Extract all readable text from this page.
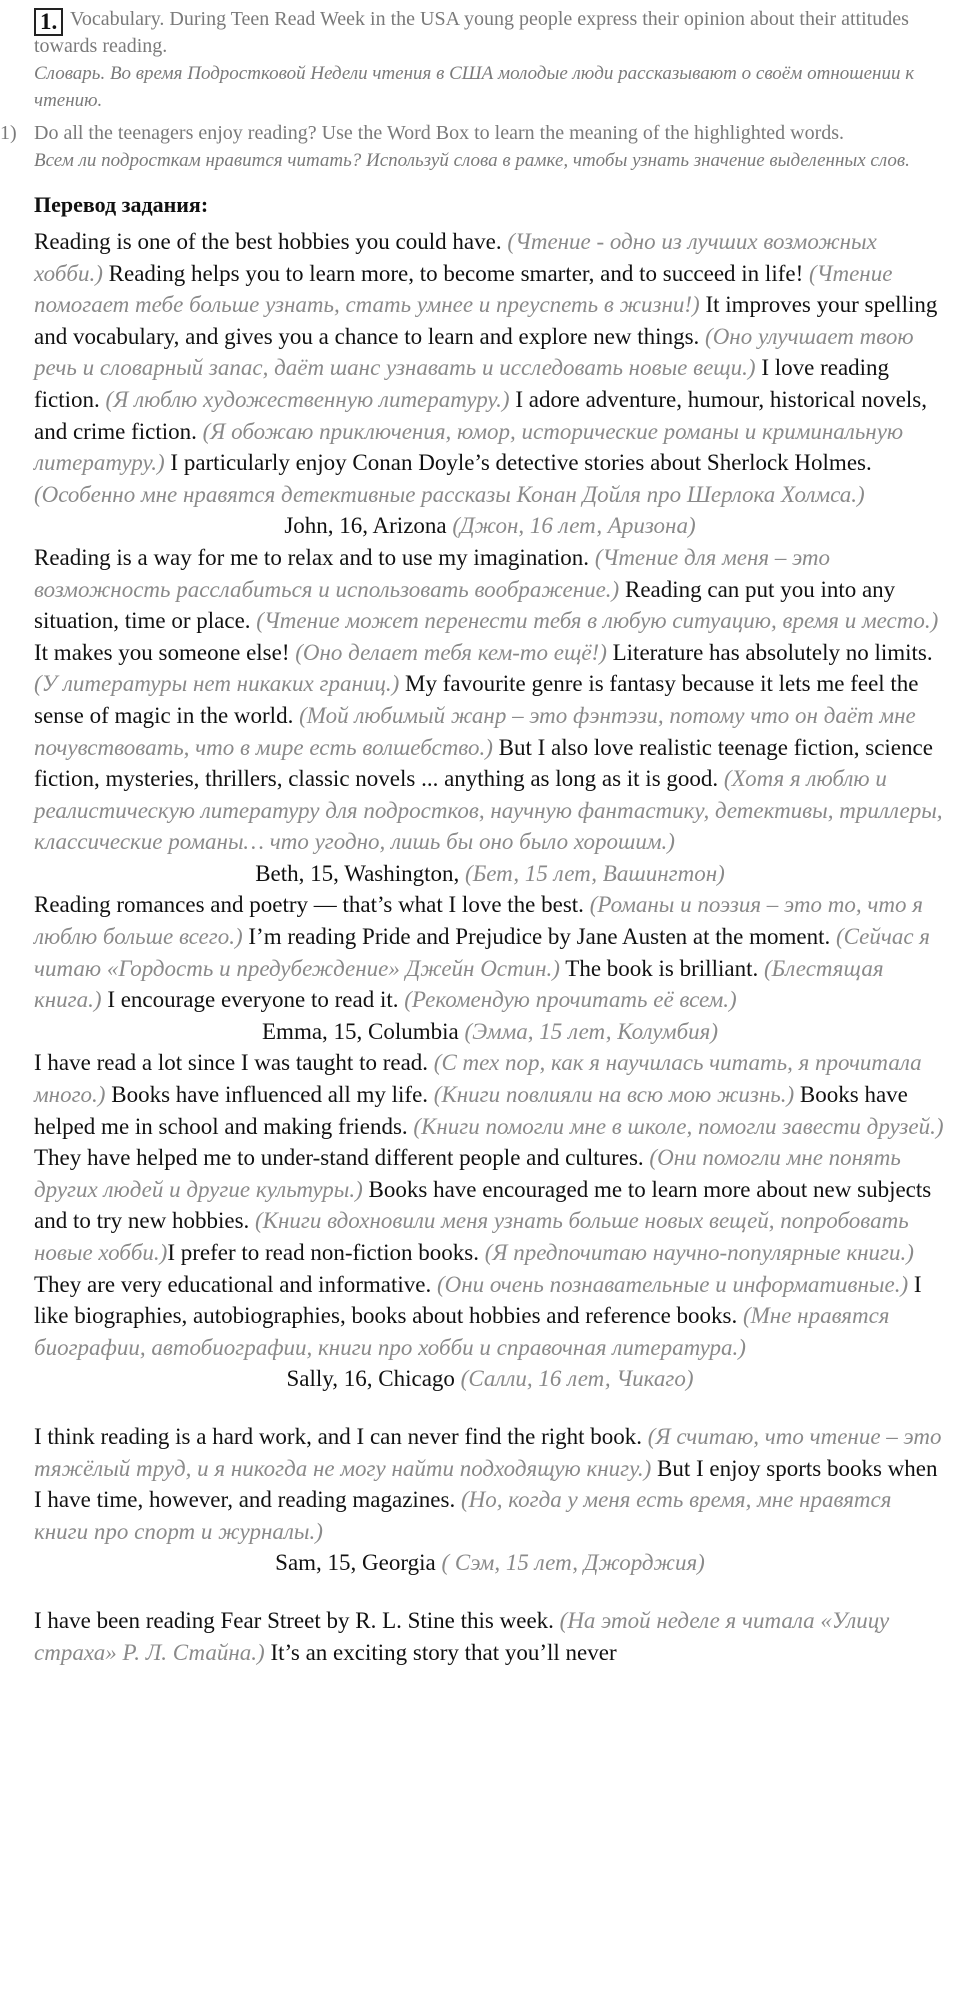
1. Vocabulary. During Teen Read Week in the USA young people express their opinion about their attitudes towards reading.
Словарь. Во время Подростковой Недели чтения в США молодые люди рассказывают о своём отношении к чтению.
1) Do all the teenagers enjoy reading? Use the Word Box to learn the meaning of the highlighted words.
Всем ли подросткам нравится читать? Используй слова в рамке, чтобы узнать значение выделенных слов.
Перевод задания:

Reading is one of the best hobbies you could have. (Чтение - одно из лучших возможных хобби.) Reading helps you to learn more, to become smarter, and to succeed in life! (Чтение помогает тебе больше узнать, стать умнее и преуспеть в жизни!) It improves your spelling and vocabulary, and gives you a chance to learn and explore new things. (Оно улучшает твою речь и словарный запас, даёт шанс узнавать и исследовать новые вещи.) I love reading fiction. (Я люблю художественную литературу.) I adore adventure, humour, historical novels, and crime fiction. (Я обожаю приключения, юмор, исторические романы и криминальную литературу.) I particularly enjoy Conan Doyle’s detective stories about Sherlock Holmes. (Особенно мне нравятся детективные рассказы Конан Дойля про Шерлока Холмса.)

John, 16, Arizona (Джон, 16 лет, Аризона)

Reading is a way for me to relax and to use my imagination. (Чтение для меня – это возможность расслабиться и использовать воображение.) Reading can put you into any situation, time or place. (Чтение может перенести тебя в любую ситуацию, время и место.) It makes you someone else! (Оно делает тебя кем-то ещё!) Literature has absolutely no limits. (У литературы нет никаких границ.) My favourite genre is fantasy because it lets me feel the sense of magic in the world. (Мой любимый жанр – это фэнтэзи, потому что он даёт мне почувствовать, что в мире есть волшебство.) But I also love realistic teenage fiction, science fiction, mysteries, thrillers, classic novels ... anything as long as it is good. (Хотя я люблю и реалистическую литературу для подростков, научную фантастику, детективы, триллеры, классические романы… что угодно, лишь бы оно было хорошим.)

Beth, 15, Washington, (Бет, 15 лет, Вашингтон)

Reading romances and poetry — that’s what I love the best. (Романы и поэзия – это то, что я люблю больше всего.) I’m reading Pride and Prejudice by Jane Austen at the moment. (Сейчас я читаю «Гордость и предубеждение» Джейн Остин.) The book is brilliant. (Блестящая книга.) I encourage everyone to read it. (Рекомендую прочитать её всем.)

Emma, 15, Columbia (Эмма, 15 лет, Колумбия)

I have read a lot since I was taught to read. (С тех пор, как я научилась читать, я прочитала много.) Books have influenced all my life. (Книги повлияли на всю мою жизнь.) Books have helped me in school and making friends. (Книги помогли мне в школе, помогли завести друзей.) They have helped me to under-stand different people and cultures. (Они помогли мне понять других людей и другие культуры.) Books have encouraged me to learn more about new subjects and to try new hobbies. (Книги вдохновили меня узнать больше новых вещей, попробовать новые хобби.)I prefer to read non-fiction books. (Я предпочитаю научно-популярные книги.) They are very educational and informative. (Они очень познавательные и информативные.) I like biographies, autobiographies, books about hobbies and reference books. (Мне нравятся биографии, автобиографии, книги про хобби и справочная литература.)

Sally, 16, Chicago (Салли, 16 лет, Чикаго)

I think reading is a hard work, and I can never find the right book. (Я считаю, что чтение – это тяжёлый труд, и я никогда не могу найти подходящую книгу.) But I enjoy sports books when I have time, however, and reading magazines. (Но, когда у меня есть время, мне нравятся книги про спорт и журналы.)

Sam, 15, Georgia ( Сэм, 15 лет, Джорджия)

I have been reading Fear Street by R. L. Stine this week. (На этой неделе я читала «Улицу страха» Р. Л. Стайна.) It’s an exciting story that you’ll never
